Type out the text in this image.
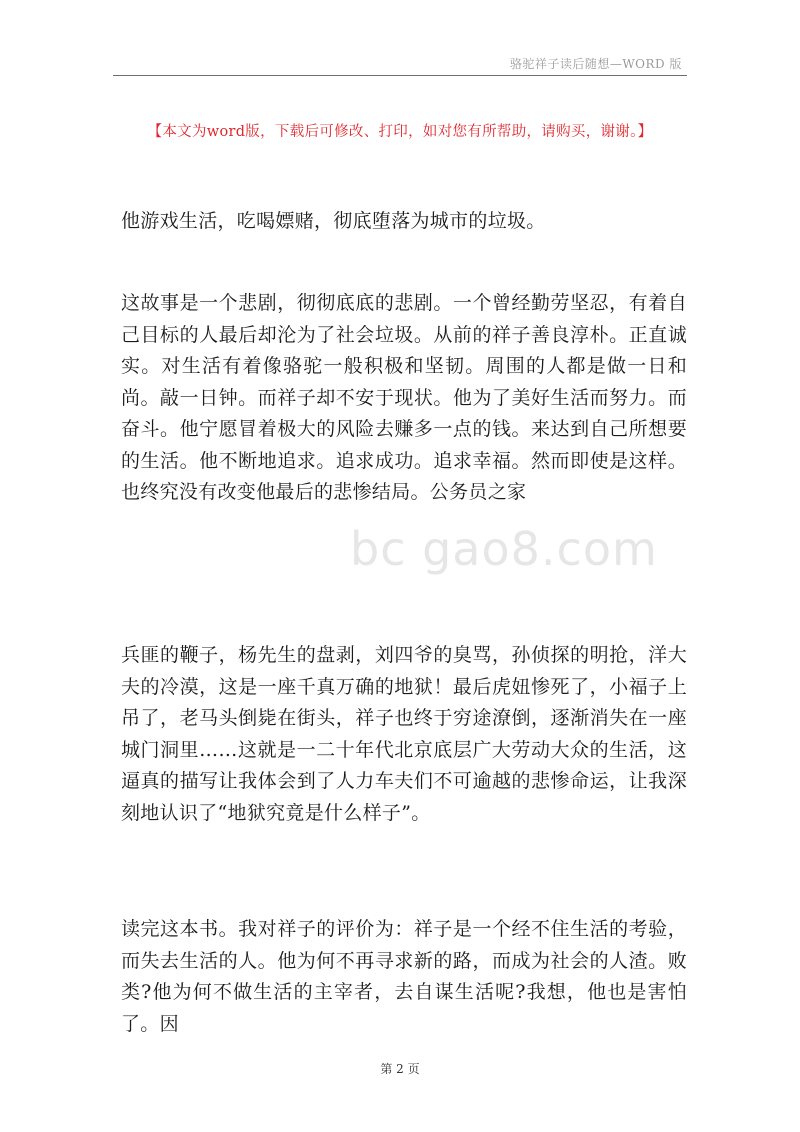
骆驼祥子读后随想—WORD 版
【本文为word版，下载后可修改、打印，如对您有所帮助，请购买，谢谢。】

他游戏生活，吃喝嫖赌，彻底堕落为城市的垃圾。

这故事是一个悲剧，彻彻底底的悲剧。一个曾经勤劳坚忍，有着自己目标的人最后却沦为了社会垃圾。从前的祥子善良淳朴。正直诚实。对生活有着像骆驼一般积极和坚韧。周围的人都是做一日和尚。敲一日钟。而祥子却不安于现状。他为了美好生活而努力。而奋斗。他宁愿冒着极大的风险去赚多一点的钱。来达到自己所想要的生活。他不断地追求。追求成功。追求幸福。然而即使是这样。也终究没有改变他最后的悲惨结局。公务员之家

bc gao8.com

兵匪的鞭子，杨先生的盘剥，刘四爷的臭骂，孙侦探的明抢，洋大夫的冷漠，这是一座千真万确的地狱！最后虎妞惨死了，小福子上吊了，老马头倒毙在街头，祥子也终于穷途潦倒，逐渐消失在一座城门洞里……这就是一二十年代北京底层广大劳动大众的生活，这逼真的描写让我体会到了人力车夫们不可逾越的悲惨命运，让我深刻地认识了“地狱究竟是什么样子”。

读完这本书。我对祥子的评价为：祥子是一个经不住生活的考验，而失去生活的人。他为何不再寻求新的路，而成为社会的人渣。败类?他为何不做生活的主宰者，去自谋生活呢?我想，他也是害怕了。因

第 2 页
